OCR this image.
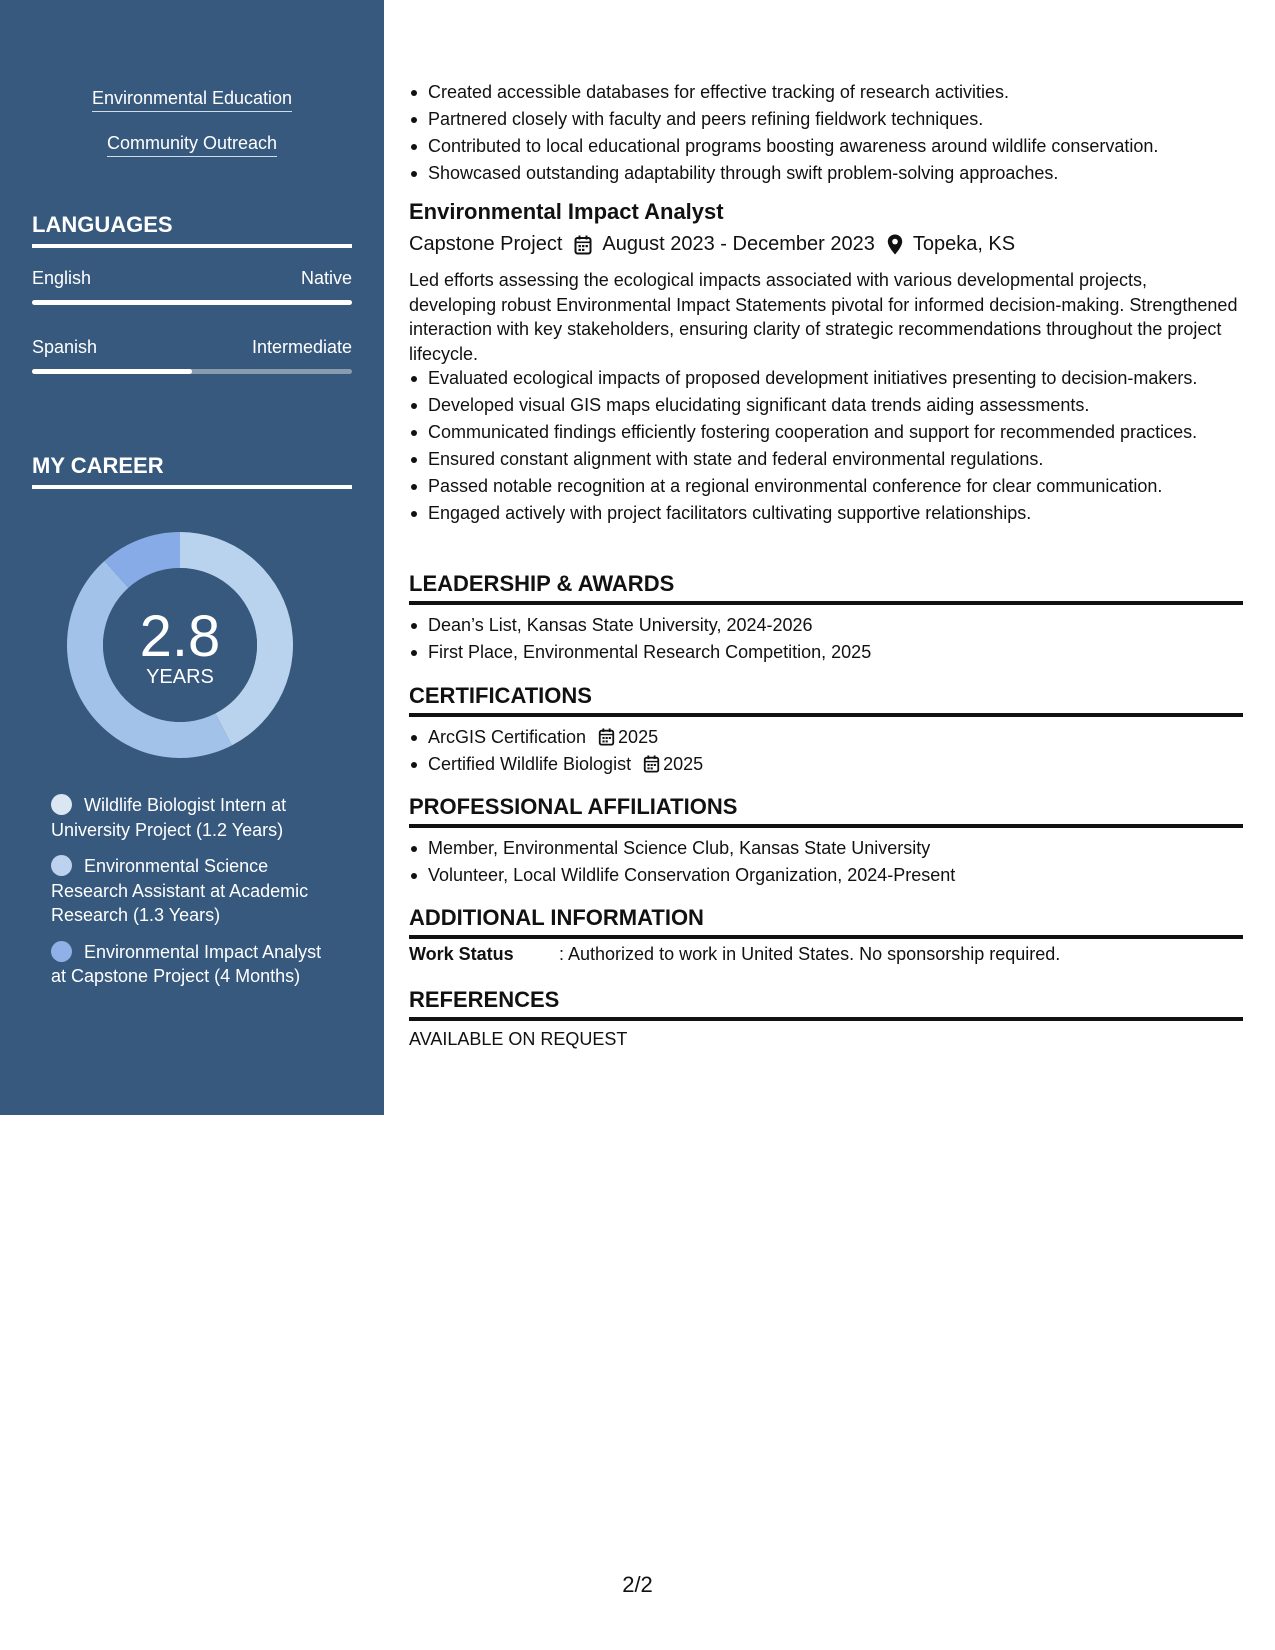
Environmental Education
Community Outreach
LANGUAGES
English	Native
Spanish	Intermediate
MY CAREER
2.8
YEARS
Wildlife Biologist Intern at University Project (1.2 Years)
Environmental Science Research Assistant at Academic Research (1.3 Years)
Environmental Impact Analyst at Capstone Project (4 Months)
Created accessible databases for effective tracking of research activities.
Partnered closely with faculty and peers refining fieldwork techniques.
Contributed to local educational programs boosting awareness around wildlife conservation.
Showcased outstanding adaptability through swift problem-solving approaches.
Environmental Impact Analyst
Capstone Project August 2023 - December 2023 Topeka, KS
Led efforts assessing the ecological impacts associated with various developmental projects, developing robust Environmental Impact Statements pivotal for informed decision-making. Strengthened interaction with key stakeholders, ensuring clarity of strategic recommendations throughout the project lifecycle.
Evaluated ecological impacts of proposed development initiatives presenting to decision-makers.
Developed visual GIS maps elucidating significant data trends aiding assessments.
Communicated findings efficiently fostering cooperation and support for recommended practices.
Ensured constant alignment with state and federal environmental regulations.
Passed notable recognition at a regional environmental conference for clear communication.
Engaged actively with project facilitators cultivating supportive relationships.
LEADERSHIP & AWARDS
Dean’s List, Kansas State University, 2024-2026
First Place, Environmental Research Competition, 2025
CERTIFICATIONS
ArcGIS Certification 2025
Certified Wildlife Biologist 2025
PROFESSIONAL AFFILIATIONS
Member, Environmental Science Club, Kansas State University
Volunteer, Local Wildlife Conservation Organization, 2024-Present
ADDITIONAL INFORMATION
Work Status	: Authorized to work in United States. No sponsorship required.
REFERENCES
AVAILABLE ON REQUEST
2/2
